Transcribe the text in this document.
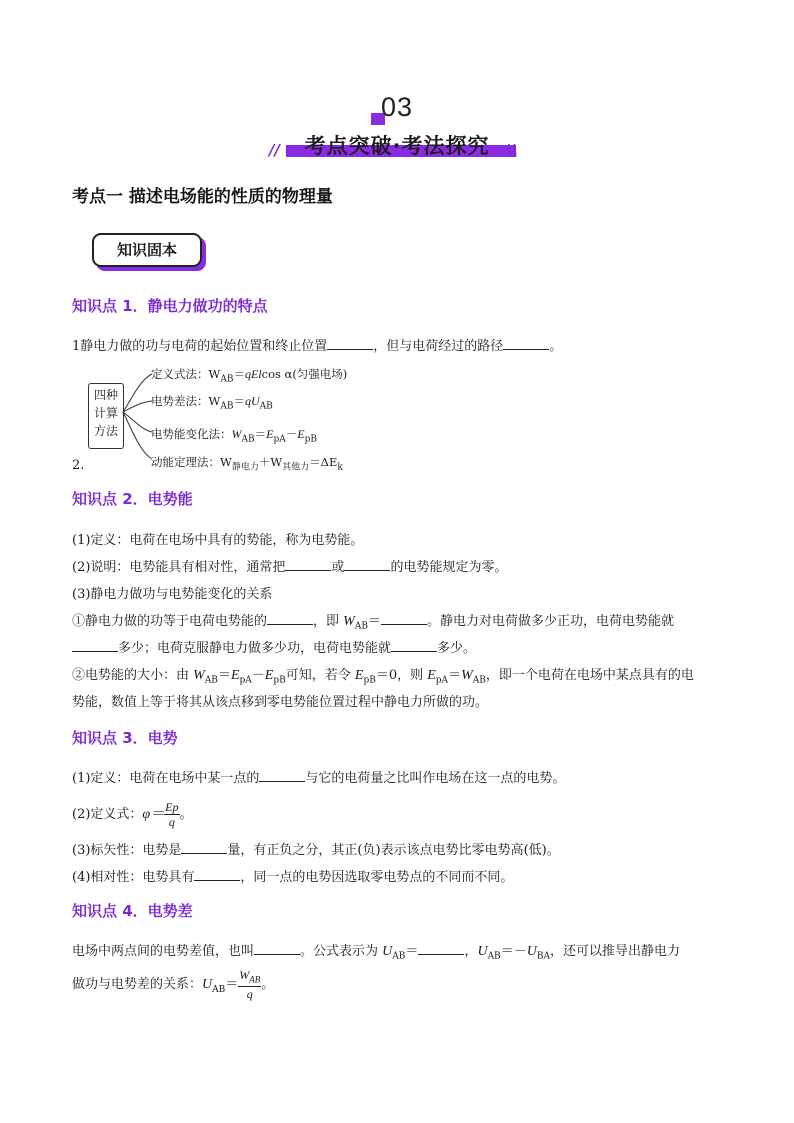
03
考点突破·考法探究
//	\\
考点一 描述电场能的性质的物理量
知识固本
知识点 1．静电力做功的特点
1静电力做的功与电荷的起始位置和终止位置	，但与电荷经过的路径	。
四种
计算
方法
定义式法：$W_{AB}=qElcos$ α(匀强电场)
电势差法：$W_{AB}=qU_{AB}$
电势能变化法：$W_{AB}=E_{pA}-E_{pB}$
动能定理法：$W_{静电力}+W_{其他力}=\Delta E_k$
2.
知识点 2．电势能
(1)定义：电荷在电场中具有的势能，称为电势能。
(2)说明：电势能具有相对性，通常把	或	的电势能规定为零。
(3)静电力做功与电势能变化的关系
①静电力做的功等于电荷电势能的	，即 $W_{AB}=$	。静电力对电荷做多少正功，电荷电势能就
多少；电荷克服静电力做多少功，电荷电势能就	多少。
②电势能的大小：由 $W_{AB}=E_{pA}-E_{pB}$可知，若令 $E_{pB}=0$，则 $E_{pA}=W_{AB}$，即一个电荷在电场中某点具有的电
势能，数值上等于将其从该点移到零电势能位置过程中静电力所做的功。
知识点 3．电势
(1)定义：电荷在电场中某一点的	与它的电荷量之比叫作电场在这一点的电势。
(2)定义式：$\varphi= \frac{Ep}{q}$ 。
(3)标矢性：电势是	量，有正负之分，其正(负)表示该点电势比零电势高(低)。
(4)相对性：电势具有	，同一点的电势因选取零电势点的不同而不同。
知识点 4．电势差
电场中两点间的电势差值，也叫	。公式表示为 $U_{AB}=$	，$U_{AB}=-U_{BA}$，还可以推导出静电力
做功与电势差的关系：$U_{AB}= \frac{W_{AB}}{q}$ 。
